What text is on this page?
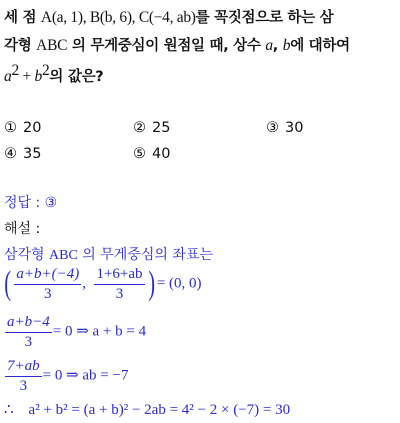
세 점 A(a, 1), B(b, 6), C(−4, ab)를 꼭짓점으로 하는 삼
각형 ABC 의 무게중심이 원점일 때, 상수 a, b에 대하여
$a^2 + b^2$의 값은?
① 20	② 25	③ 30
④ 35	⑤ 40
정답 : ③
해설 :
삼각형 ABC 의 무게중심의 좌표는
( $\frac{a+b+(-4)}{3}$ , $\frac{1+6+ab}{3}$ ) = (0, 0)
$\frac{a+b-4}{3} = 0$ ⇒ a + b = 4
$\frac{7+ab}{3} = 0$ ⇒ ab = −7
∴ a² + b² = (a + b)² − 2ab = 4² − 2 × (−7) = 30
